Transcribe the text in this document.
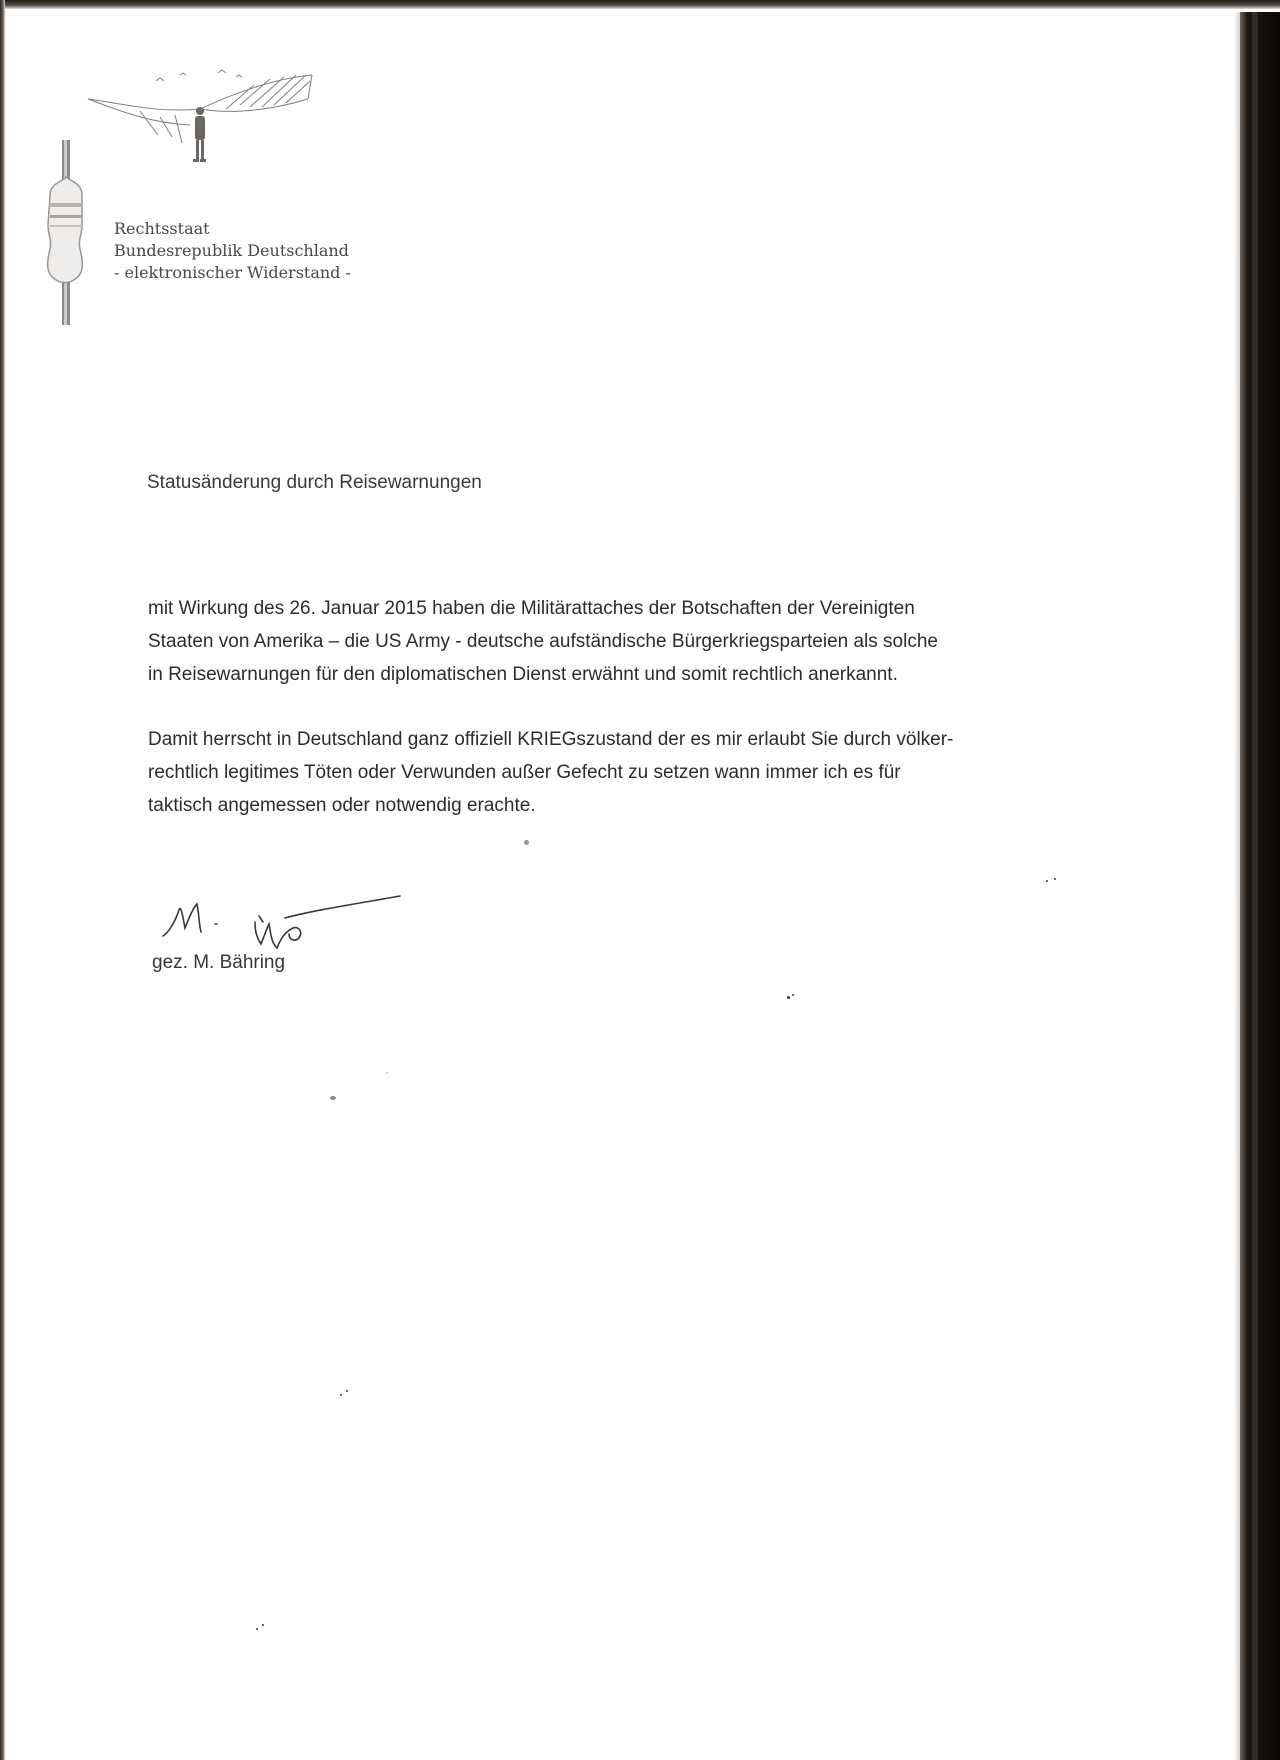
Rechtsstaat
Bundesrepublik Deutschland
- elektronischer Widerstand -
Statusänderung durch Reisewarnungen
mit Wirkung des 26. Januar 2015 haben die Militärattaches der Botschaften der Vereinigten
Staaten von Amerika – die US Army - deutsche aufständische Bürgerkriegsparteien als solche
in Reisewarnungen für den diplomatischen Dienst erwähnt und somit rechtlich anerkannt.
Damit herrscht in Deutschland ganz offiziell KRIEGszustand der es mir erlaubt Sie durch völker-
rechtlich legitimes Töten oder Verwunden außer Gefecht zu setzen wann immer ich es für
taktisch angemessen oder notwendig erachte.
gez. M. Bähring
